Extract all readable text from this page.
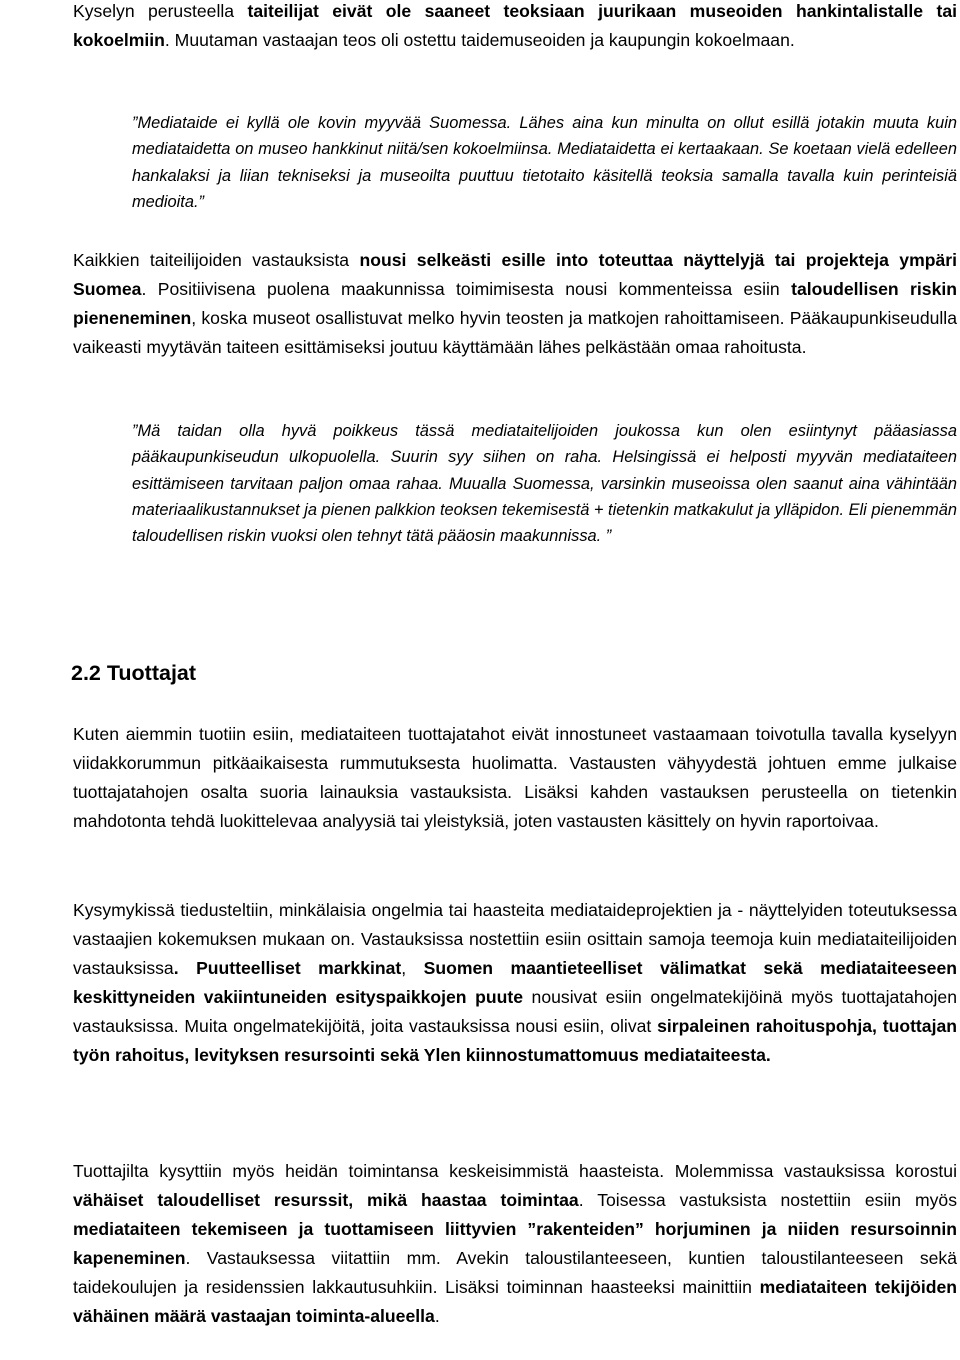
Kyselyn perusteella taiteilijat eivät ole saaneet teoksiaan juurikaan museoiden hankintalistalle tai kokoelmiin. Muutaman vastaajan teos oli ostettu taidemuseoiden ja kaupungin kokoelmaan.

”Mediataide ei kyllä ole kovin myyvää Suomessa. Lähes aina kun minulta on ollut esillä jotakin muuta kuin mediataidetta on museo hankkinut niitä/sen kokoelmiinsa. Mediataidetta ei kertaakaan. Se koetaan vielä edelleen hankalaksi ja liian tekniseksi ja museoilta puuttuu tietotaito käsitellä teoksia samalla tavalla kuin perinteisiä medioita.”

Kaikkien taiteilijoiden vastauksista nousi selkeästi esille into toteuttaa näyttelyjä tai projekteja ympäri Suomea. Positiivisena puolena maakunnissa toimimisesta nousi kommenteissa esiin taloudellisen riskin pieneneminen, koska museot osallistuvat melko hyvin teosten ja matkojen rahoittamiseen. Pääkaupunkiseudulla vaikeasti myytävän taiteen esittämiseksi joutuu käyttämään lähes pelkästään omaa rahoitusta.

”Mä taidan olla hyvä poikkeus tässä mediataitelijoiden joukossa kun olen esiintynyt pääasiassa pääkaupunkiseudun ulkopuolella. Suurin syy siihen on raha. Helsingissä ei helposti myyvän mediataiteen esittämiseen tarvitaan paljon omaa rahaa. Muualla Suomessa, varsinkin museoissa olen saanut aina vähintään materiaalikustannukset ja pienen palkkion teoksen tekemisestä + tietenkin matkakulut ja ylläpidon. Eli pienemmän taloudellisen riskin vuoksi olen tehnyt tätä pääosin maakunnissa. ”

2.2 Tuottajat

Kuten aiemmin tuotiin esiin, mediataiteen tuottajatahot eivät innostuneet vastaamaan toivotulla tavalla kyselyyn viidakkorummun pitkäaikaisesta rummutuksesta huolimatta. Vastausten vähyydestä johtuen emme julkaise tuottajatahojen osalta suoria lainauksia vastauksista. Lisäksi kahden vastauksen perusteella on tietenkin mahdotonta tehdä luokittelevaa analyysiä tai yleistyksiä, joten vastausten käsittely on hyvin raportoivaa.

Kysymykissä tiedusteltiin, minkälaisia ongelmia tai haasteita mediataideprojektien ja - näyttelyiden toteutuksessa vastaajien kokemuksen mukaan on. Vastauksissa nostettiin esiin osittain samoja teemoja kuin mediataiteilijoiden vastauksissa. Puutteelliset markkinat, Suomen maantieteelliset välimatkat sekä mediataiteeseen keskittyneiden vakiintuneiden esityspaikkojen puute nousivat esiin ongelmatekijöinä myös tuottajatahojen vastauksissa. Muita ongelmatekijöitä, joita vastauksissa nousi esiin, olivat sirpaleinen rahoituspohja, tuottajan työn rahoitus, levityksen resursointi sekä Ylen kiinnostumattomuus mediataiteesta.

Tuottajilta kysyttiin myös heidän toimintansa keskeisimmistä haasteista. Molemmissa vastauksissa korostui vähäiset taloudelliset resurssit, mikä haastaa toimintaa. Toisessa vastuksista nostettiin esiin myös mediataiteen tekemiseen ja tuottamiseen liittyvien ”rakenteiden” horjuminen ja niiden resursoinnin kapeneminen. Vastauksessa viitattiin mm. Avekin taloustilanteeseen, kuntien taloustilanteeseen sekä taidekoulujen ja residenssien lakkautusuhkiin. Lisäksi toiminnan haasteeksi mainittiin mediataiteen tekijöiden vähäinen määrä vastaajan toiminta-alueella.
